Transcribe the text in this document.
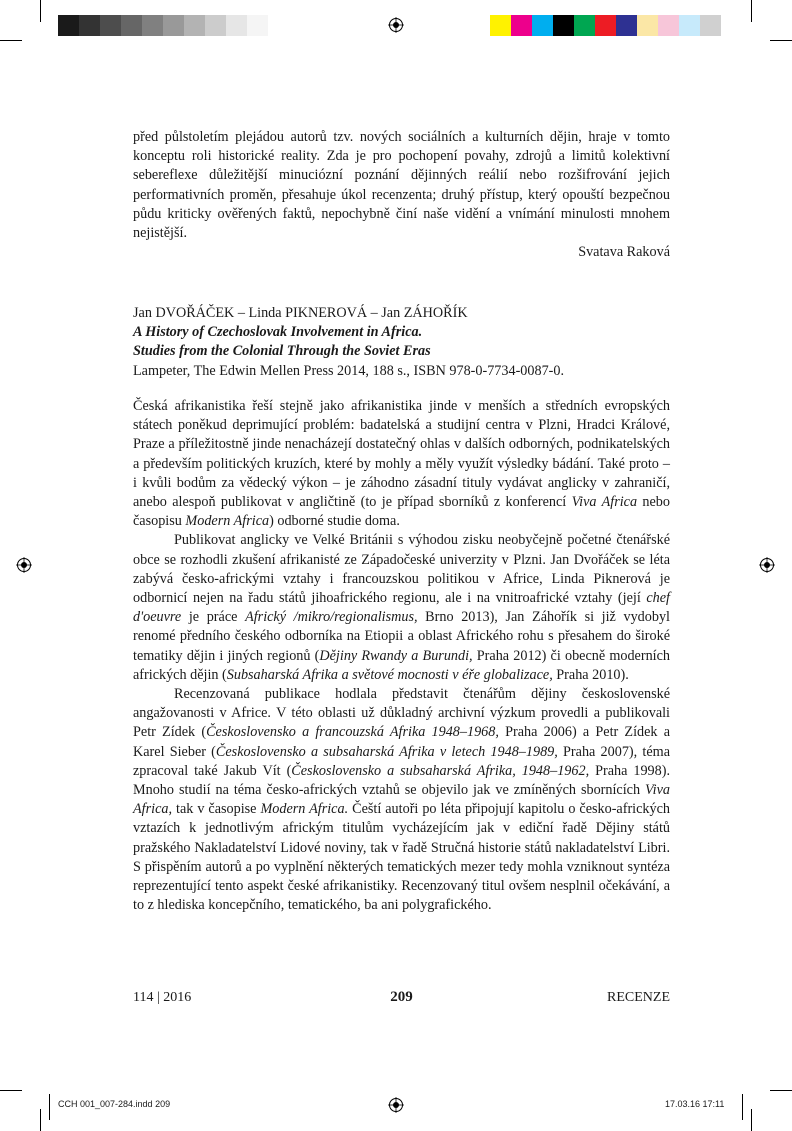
před půlstoletím plejádou autorů tzv. nových sociálních a kulturních dějin, hraje v tomto konceptu roli historické reality. Zda je pro pochopení povahy, zdrojů a limitů kolektivní sebereflexe důležitější minuciózní poznání dějinných reálií nebo rozšifrování jejich performativních proměn, přesahuje úkol recenzenta; druhý přístup, který opouští bezpečnou půdu kriticky ověřených faktů, nepochybně činí naše vidění a vnímání minulosti mnohem nejistější.

Svatava Raková

Jan DVOŘÁČEK – Linda PIKNEROVÁ – Jan ZÁHOŘÍK

A History of Czechoslovak Involvement in Africa.

Studies from the Colonial Through the Soviet Eras

Lampeter, The Edwin Mellen Press 2014, 188 s., ISBN 978-0-7734-0087-0.

Česká afrikanistika řeší stejně jako afrikanistika jinde v menších a středních evropských státech poněkud deprimující problém: badatelská a studijní centra v Plzni, Hradci Králové, Praze a příležitostně jinde nenacházejí dostatečný ohlas v dalších odborných, podnikatelských a především politických kruzích, které by mohly a měly využít výsledky bádání. Také proto – i kvůli bodům za vědecký výkon – je záhodno zásadní tituly vydávat anglicky v zahraničí, anebo alespoň publikovat v angličtině (to je případ sborníků z konferencí Viva Africa nebo časopisu Modern Africa) odborné studie doma.

Publikovat anglicky ve Velké Británii s výhodou zisku neobyčejně početné čtenářské obce se rozhodli zkušení afrikanisté ze Západočeské univerzity v Plzni. Jan Dvořáček se léta zabývá česko-africkými vztahy i francouzskou politikou v Africe, Linda Piknerová je odbornicí nejen na řadu států jihoafrického regionu, ale i na vnitroafrické vztahy (její chef d'oeuvre je práce Africký /mikro/regionalismus, Brno 2013), Jan Záhořík si již vydobyl renomé předního českého odborníka na Etiopii a oblast Afrického rohu s přesahem do široké tematiky dějin i jiných regionů (Dějiny Rwandy a Burundi, Praha 2012) či obecně moderních afrických dějin (Subsaharská Afrika a světové mocnosti v éře globalizace, Praha 2010).

Recenzovaná publikace hodlala představit čtenářům dějiny československé angažovanosti v Africe. V této oblasti už důkladný archivní výzkum provedli a publikovali Petr Zídek (Československo a francouzská Afrika 1948–1968, Praha 2006) a Petr Zídek a Karel Sieber (Československo a subsaharská Afrika v letech 1948–1989, Praha 2007), téma zpracoval také Jakub Vít (Československo a subsaharská Afrika, 1948–1962, Praha 1998). Mnoho studií na téma česko-afrických vztahů se objevilo jak ve zmíněných sbornících Viva Africa, tak v časopise Modern Africa. Čeští autoři po léta připojují kapitolu o česko-afrických vztazích k jednotlivým africkým titulům vycházejícím jak v ediční řadě Dějiny států pražského Nakladatelství Lidové noviny, tak v řadě Stručná historie států nakladatelství Libri. S přispěním autorů a po vyplnění některých tematických mezer tedy mohla vzniknout syntéza reprezentující tento aspekt české afrikanistiky. Recenzovaný titul ovšem nesplnil očekávání, a to z hlediska koncepčního, tematického, ba ani polygrafického.

114 | 2016	209	RECENZE
CCH 001_007-284.indd 209	17.03.16 17:11
